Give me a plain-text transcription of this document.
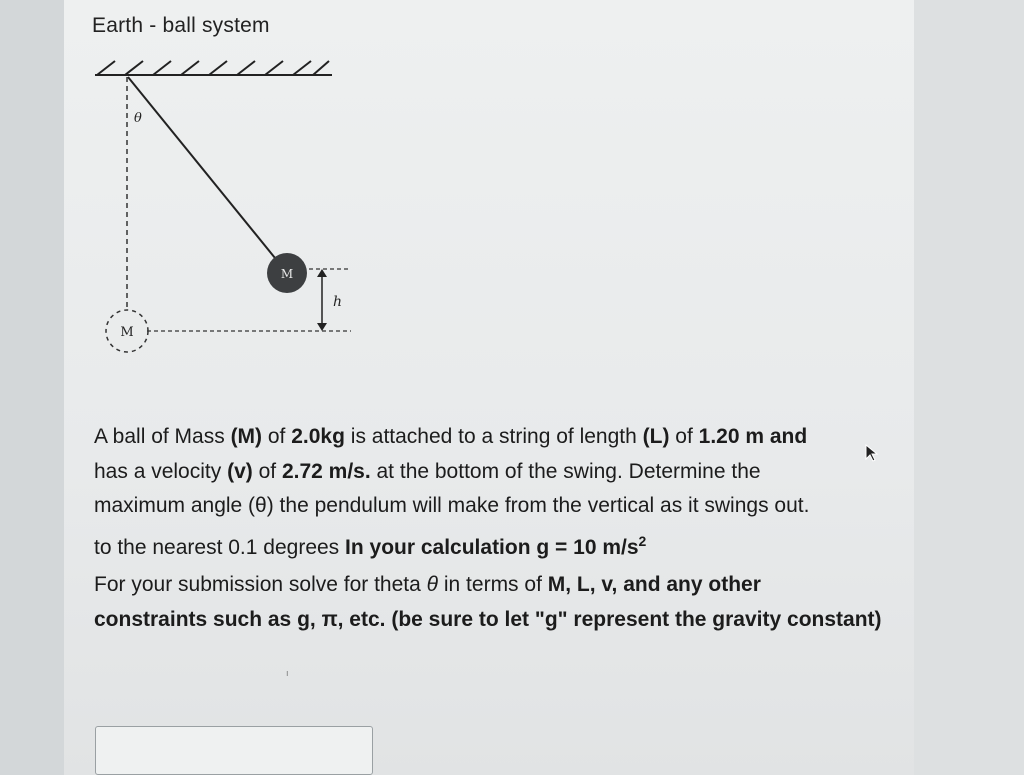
Earth - ball system
θ
M
h
M
A ball of Mass (M) of 2.0kg is attached to a string of length (L) of 1.20 m and
has a velocity (v) of 2.72 m/s. at the bottom of the swing. Determine the
maximum angle (θ) the pendulum will make from the vertical as it swings out.
to the nearest 0.1 degrees In your calculation g = 10 $m/s^2$
For your submission solve for theta θ in terms of M, L, v, and any other
constraints such as g, π, etc. (be sure to let "g" represent the gravity constant)
ı
